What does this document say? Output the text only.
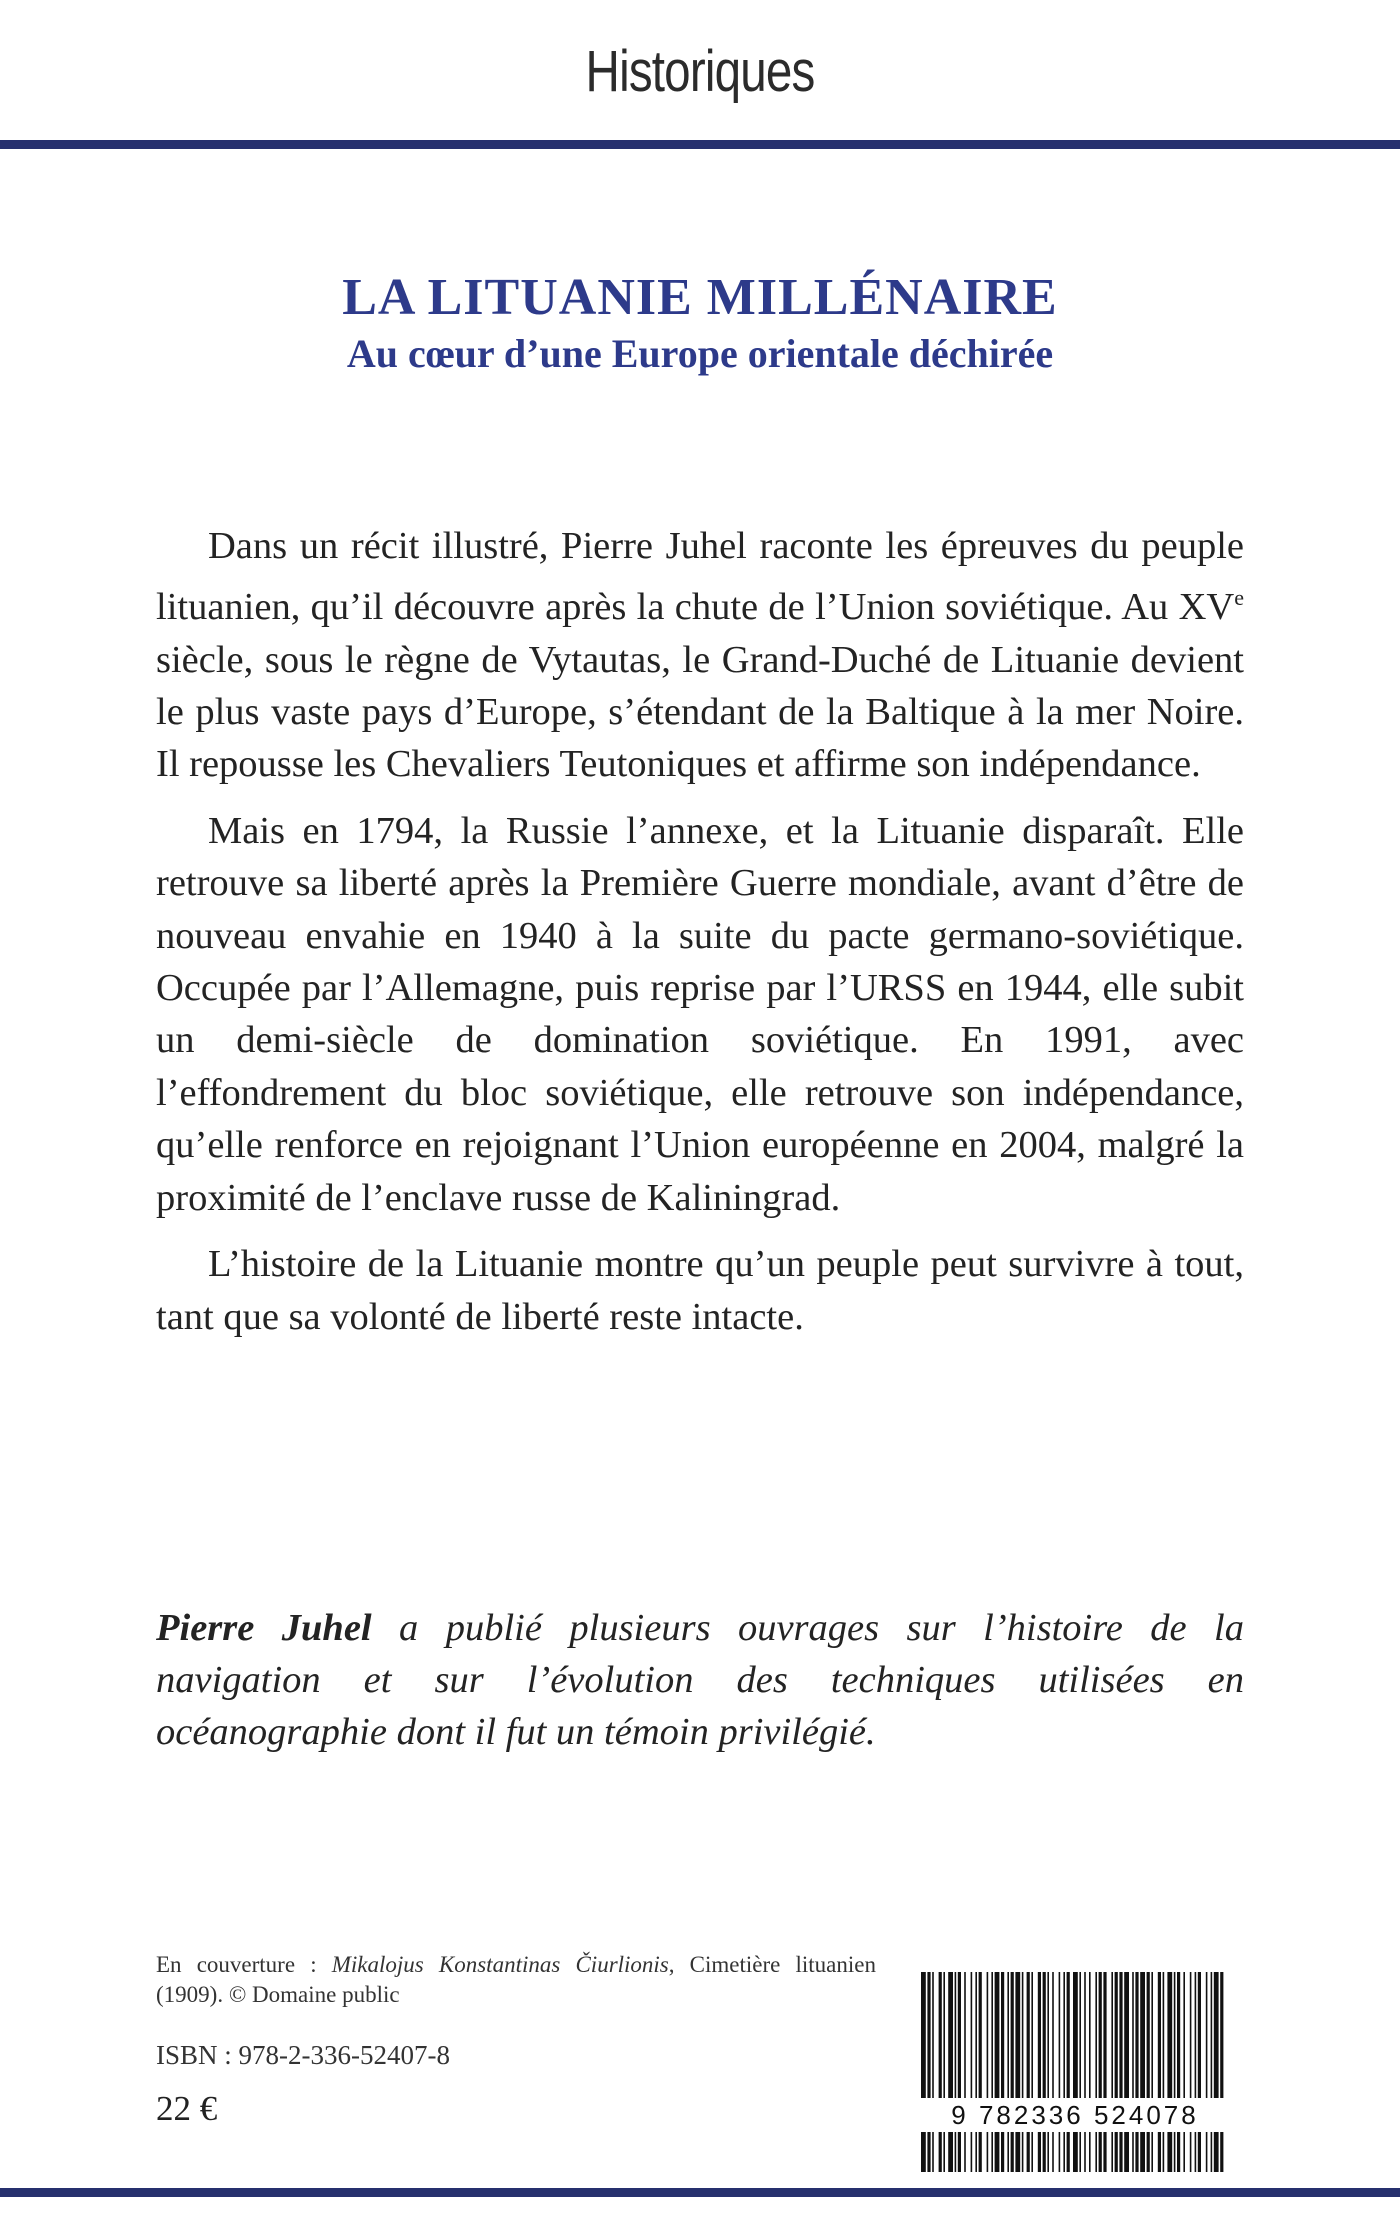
Historiques
LA LITUANIE MILLÉNAIRE
Au cœur d’une Europe orientale déchirée

Dans un récit illustré, Pierre Juhel raconte les épreuves du peuple lituanien, qu’il découvre après la chute de l’Union soviétique. Au XVe siècle, sous le règne de Vytautas, le Grand-Duché de Lituanie devient le plus vaste pays d’Europe, s’étendant de la Baltique à la mer Noire. Il repousse les Chevaliers Teutoniques et affirme son indépendance.

Mais en 1794, la Russie l’annexe, et la Lituanie disparaît. Elle retrouve sa liberté après la Première Guerre mondiale, avant d’être de nouveau envahie en 1940 à la suite du pacte germano-soviétique. Occupée par l’Allemagne, puis reprise par l’URSS en 1944, elle subit un demi-siècle de domination soviétique. En 1991, avec l’effondrement du bloc soviétique, elle retrouve son indépendance, qu’elle renforce en rejoignant l’Union européenne en 2004, malgré la proximité de l’enclave russe de Kaliningrad.

L’histoire de la Lituanie montre qu’un peuple peut survivre à tout, tant que sa volonté de liberté reste intacte.

Pierre Juhel a publié plusieurs ouvrages sur l’histoire de la navigation et sur l’évolution des techniques utilisées en océanographie dont il fut un témoin privilégié.
En couverture : Mikalojus Konstantinas Čiurlionis, Cimetière lituanien (1909). © Domaine public
ISBN : 978-2-336-52407-8
22 €	9 782336 524078
